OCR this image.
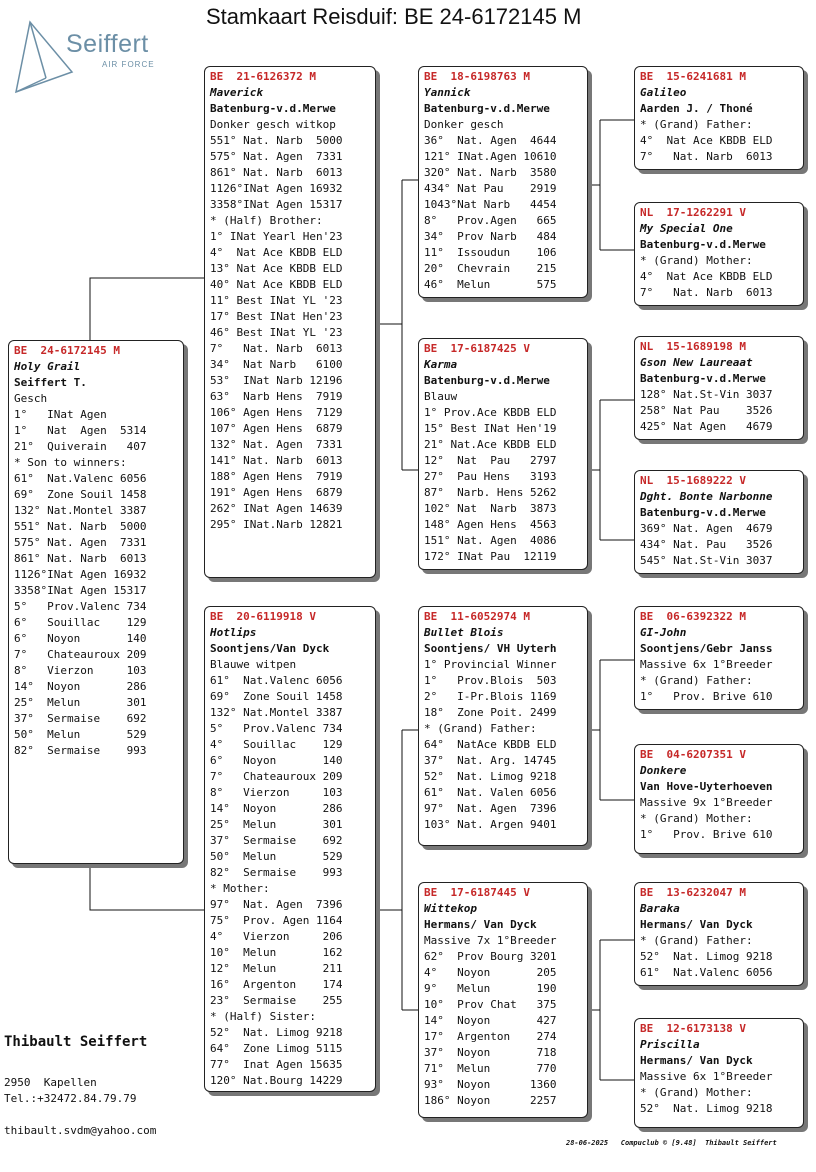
Stamkaart Reisduif: BE 24-6172145 M
Seiffert
AIR FORCE
BE  24-6172145 M
Holy Grail
Seiffert T.
Gesch
1°   INat Agen
1°   Nat  Agen  5314
21°  Quiverain   407
* Son to winners:
61°  Nat.Valenc 6056
69°  Zone Souil 1458
132° Nat.Montel 3387
551° Nat. Narb  5000
575° Nat. Agen  7331
861° Nat. Narb  6013
1126°INat Agen 16932
3358°INat Agen 15317
5°   Prov.Valenc 734
6°   Souillac    129
6°   Noyon       140
7°   Chateauroux 209
8°   Vierzon     103
14°  Noyon       286
25°  Melun       301
37°  Sermaise    692
50°  Melun       529
82°  Sermaise    993
BE  21-6126372 M
Maverick
Batenburg-v.d.Merwe
Donker gesch witkop
551° Nat. Narb  5000
575° Nat. Agen  7331
861° Nat. Narb  6013
1126°INat Agen 16932
3358°INat Agen 15317
* (Half) Brother:
1° INat Yearl Hen'23
4°  Nat Ace KBDB ELD
13° Nat Ace KBDB ELD
40° Nat Ace KBDB ELD
11° Best INat YL '23
17° Best INat Hen'23
46° Best INat YL '23
7°   Nat. Narb  6013
34°  Nat Narb   6100
53°  INat Narb 12196
63°  Narb Hens  7919
106° Agen Hens  7129
107° Agen Hens  6879
132° Nat. Agen  7331
141° Nat. Narb  6013
188° Agen Hens  7919
191° Agen Hens  6879
262° INat Agen 14639
295° INat.Narb 12821
BE  20-6119918 V
Hotlips
Soontjens/Van Dyck
Blauwe witpen
61°  Nat.Valenc 6056
69°  Zone Souil 1458
132° Nat.Montel 3387
5°   Prov.Valenc 734
4°   Souillac    129
6°   Noyon       140
7°   Chateauroux 209
8°   Vierzon     103
14°  Noyon       286
25°  Melun       301
37°  Sermaise    692
50°  Melun       529
82°  Sermaise    993
* Mother:
97°  Nat. Agen  7396
75°  Prov. Agen 1164
4°   Vierzon     206
10°  Melun       162
12°  Melun       211
16°  Argenton    174
23°  Sermaise    255
* (Half) Sister:
52°  Nat. Limog 9218
64°  Zone Limog 5115
77°  Inat Agen 15635
120° Nat.Bourg 14229
BE  18-6198763 M
Yannick
Batenburg-v.d.Merwe
Donker gesch
36°  Nat. Agen  4644
121° INat.Agen 10610
320° Nat. Narb  3580
434° Nat Pau    2919
1043°Nat Narb   4454
8°   Prov.Agen   665
34°  Prov Narb   484
11°  Issoudun    106
20°  Chevrain    215
46°  Melun       575
BE  17-6187425 V
Karma
Batenburg-v.d.Merwe
Blauw
1° Prov.Ace KBDB ELD
15° Best INat Hen'19
21° Nat.Ace KBDB ELD
12°  Nat  Pau   2797
27°  Pau Hens   3193
87°  Narb. Hens 5262
102° Nat  Narb  3873
148° Agen Hens  4563
151° Nat. Agen  4086
172° INat Pau  12119
BE  11-6052974 M
Bullet Blois
Soontjens/ VH Uyterh
1° Provincial Winner
1°   Prov.Blois  503
2°   I-Pr.Blois 1169
18°  Zone Poit. 2499
* (Grand) Father:
64°  NatAce KBDB ELD
37°  Nat. Arg. 14745
52°  Nat. Limog 9218
61°  Nat. Valen 6056
97°  Nat. Agen  7396
103° Nat. Argen 9401
BE  17-6187445 V
Wittekop
Hermans/ Van Dyck
Massive 7x 1°Breeder
62°  Prov Bourg 3201
4°   Noyon       205
9°   Melun       190
10°  Prov Chat   375
14°  Noyon       427
17°  Argenton    274
37°  Noyon       718
71°  Melun       770
93°  Noyon      1360
186° Noyon      2257
BE  15-6241681 M
Galileo
Aarden J. / Thoné
* (Grand) Father:
4°  Nat Ace KBDB ELD
7°   Nat. Narb  6013
NL  17-1262291 V
My Special One
Batenburg-v.d.Merwe
* (Grand) Mother:
4°  Nat Ace KBDB ELD
7°   Nat. Narb  6013
NL  15-1689198 M
Gson New Laureaat
Batenburg-v.d.Merwe
128° Nat.St-Vin 3037
258° Nat Pau    3526
425° Nat Agen   4679
NL  15-1689222 V
Dght. Bonte Narbonne
Batenburg-v.d.Merwe
369° Nat. Agen  4679
434° Nat. Pau   3526
545° Nat.St-Vin 3037
BE  06-6392322 M
GI-John
Soontjens/Gebr Janss
Massive 6x 1°Breeder
* (Grand) Father:
1°   Prov. Brive 610
BE  04-6207351 V
Donkere
Van Hove-Uyterhoeven
Massive 9x 1°Breeder
* (Grand) Mother:
1°   Prov. Brive 610
BE  13-6232047 M
Baraka
Hermans/ Van Dyck
* (Grand) Father:
52°  Nat. Limog 9218
61°  Nat.Valenc 6056
BE  12-6173138 V
Priscilla
Hermans/ Van Dyck
Massive 6x 1°Breeder
* (Grand) Mother:
52°  Nat. Limog 9218
Thibault Seiffert
2950  Kapellen
Tel.:+32472.84.79.79
thibault.svdm@yahoo.com
28-06-2025   Compuclub © [9.48]  Thibault Seiffert
